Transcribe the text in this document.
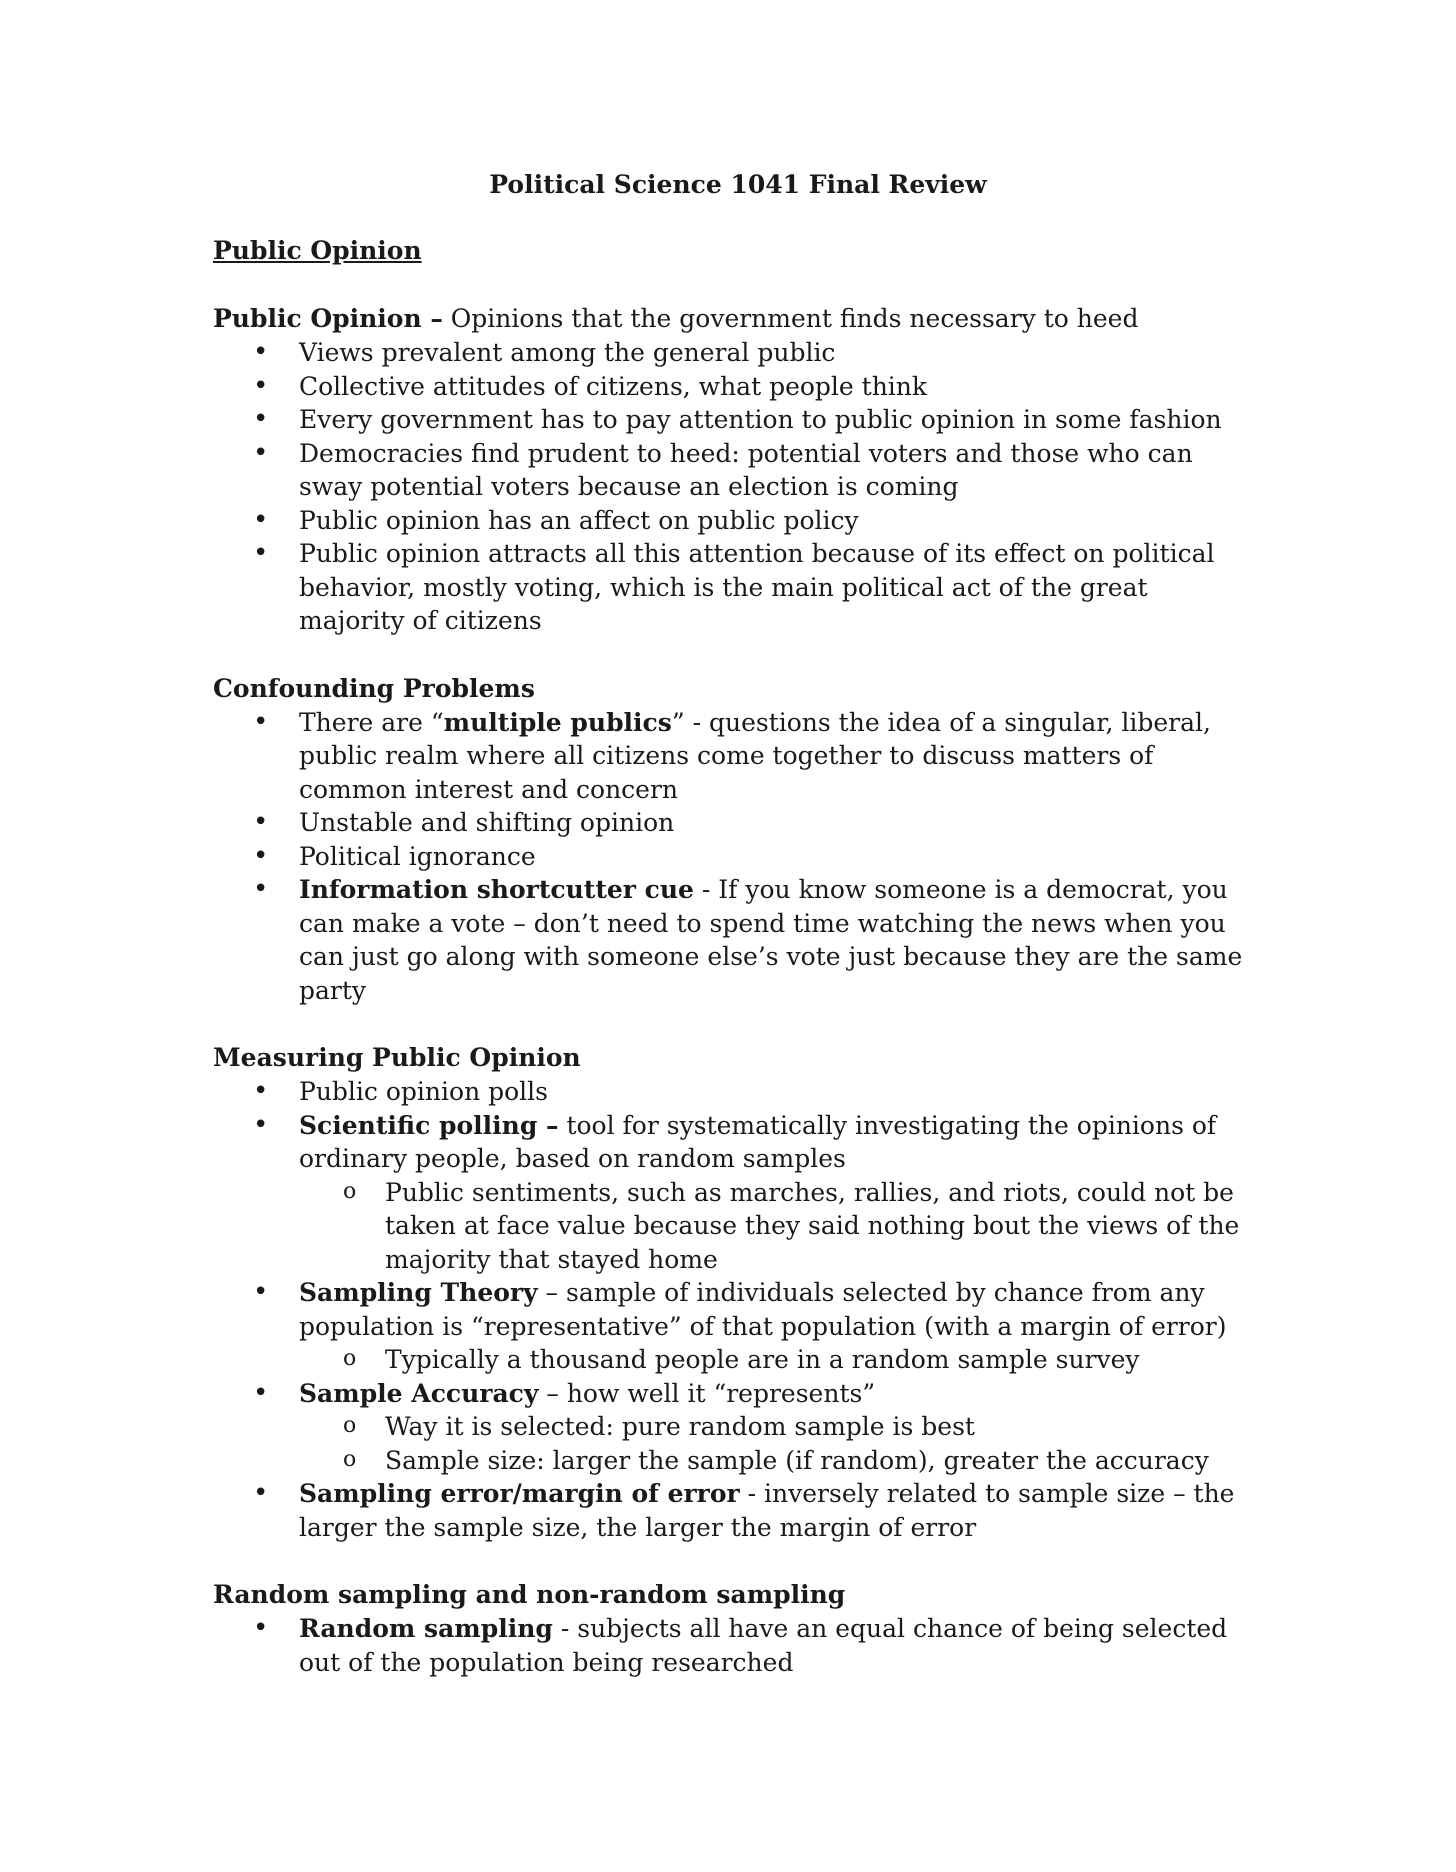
Political Science 1041 Final Review
Public Opinion

Public Opinion – Opinions that the government finds necessary to heed

• Views prevalent among the general public
• Collective attitudes of citizens, what people think
• Every government has to pay attention to public opinion in some fashion
• Democracies find prudent to heed: potential voters and those who can sway potential voters because an election is coming
• Public opinion has an affect on public policy
• Public opinion attracts all this attention because of its effect on political behavior, mostly voting, which is the main political act of the great majority of citizens

Confounding Problems

• There are “multiple publics” - questions the idea of a singular, liberal, public realm where all citizens come together to discuss matters of common interest and concern
• Unstable and shifting opinion
• Political ignorance
• Information shortcutter cue - If you know someone is a democrat, you can make a vote – don’t need to spend time watching the news when you can just go along with someone else’s vote just because they are the same party

Measuring Public Opinion

• Public opinion polls
• Scientific polling – tool for systematically investigating the opinions of ordinary people, based on random samples
o Public sentiments, such as marches, rallies, and riots, could not be taken at face value because they said nothing bout the views of the majority that stayed home
• Sampling Theory – sample of individuals selected by chance from any population is “representative” of that population (with a margin of error)
o Typically a thousand people are in a random sample survey
• Sample Accuracy – how well it “represents”
o Way it is selected: pure random sample is best
o Sample size: larger the sample (if random), greater the accuracy
• Sampling error/margin of error - inversely related to sample size – the larger the sample size, the larger the margin of error

Random sampling and non-random sampling

• Random sampling - subjects all have an equal chance of being selected out of the population being researched
